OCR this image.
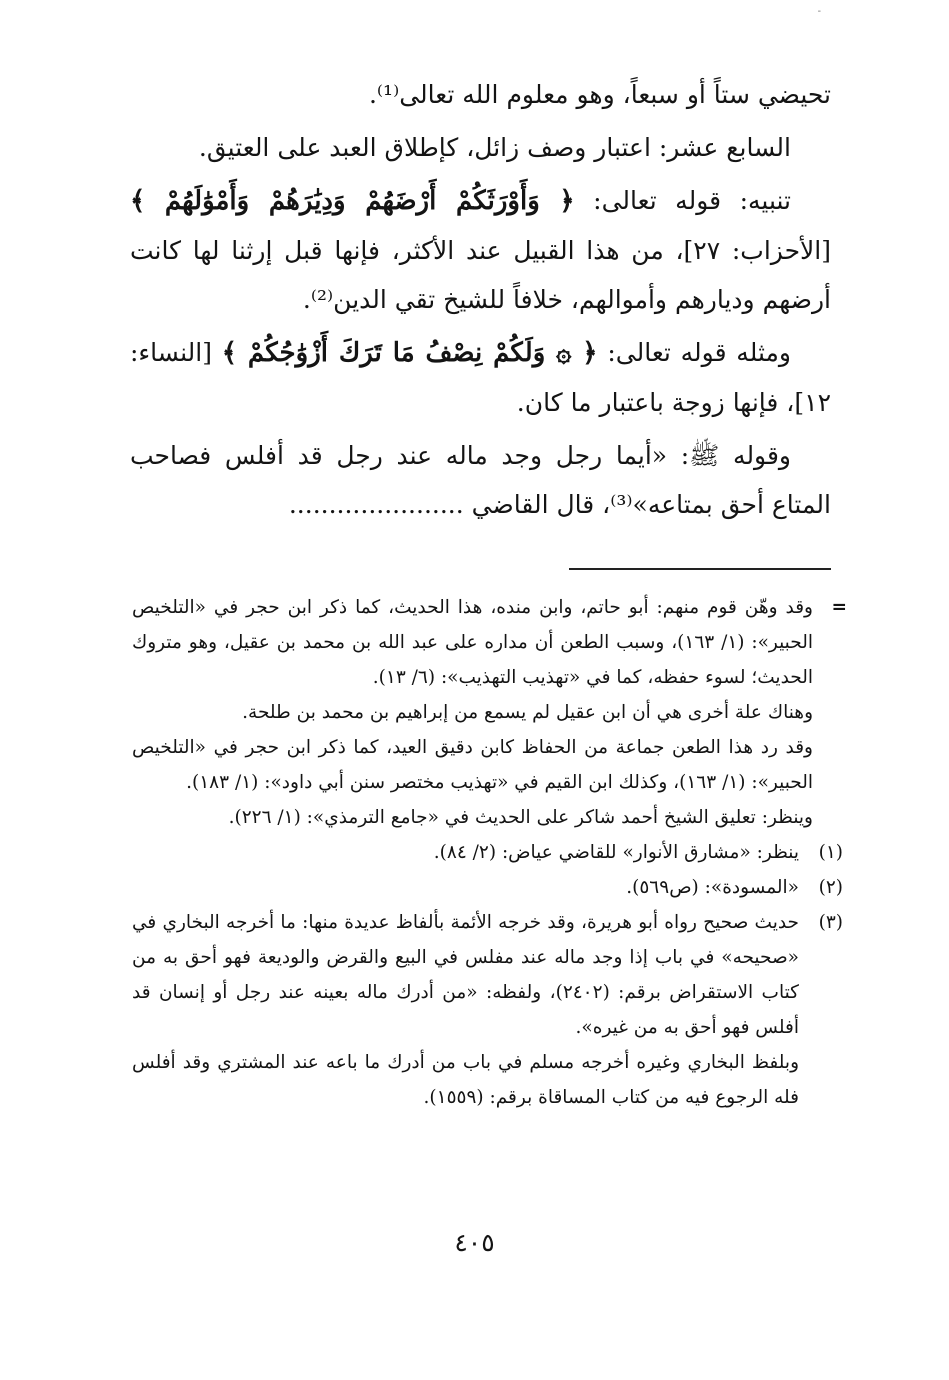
-

تحيضي ستاً أو سبعاً، وهو معلوم الله تعالى⁽¹⁾.

السابع عشر: اعتبار وصف زائل، كإطلاق العبد على العتيق.

تنبيه: قوله تعالى: ﴿ وَأَوْرَثَكُمْ أَرْضَهُمْ وَدِيَٰرَهُمْ وَأَمْوَٰلَهُمْ ﴾ [الأحزاب: ٢٧]، من هذا القبيل عند الأكثر، فإنها قبل إرثنا لها كانت أرضهم وديارهم وأموالهم، خلافاً للشيخ تقي الدين⁽²⁾.

ومثله قوله تعالى: ﴿ ۞ وَلَكُمْ نِصْفُ مَا تَرَكَ أَزْوَٰجُكُمْ ﴾ [النساء: ١٢]، فإنها زوجة باعتبار ما كان.

وقوله ﷺ: «أيما رجل وجد ماله عند رجل قد أفلس فصاحب المتاع أحق بمتاعه»⁽³⁾، قال القاضي ......................

=

وقد وهّن قوم منهم: أبو حاتم، وابن منده، هذا الحديث، كما ذكر ابن حجر في «التلخيص الحبير»: (١/ ١٦٣)، وسبب الطعن أن مداره على عبد الله بن محمد بن عقيل، وهو متروك الحديث؛ لسوء حفظه، كما في «تهذيب التهذيب»: (٦/ ١٣).

وهناك علة أخرى هي أن ابن عقيل لم يسمع من إبراهيم بن محمد بن طلحة.

وقد رد هذا الطعن جماعة من الحفاظ كابن دقيق العيد، كما ذكر ابن حجر في «التلخيص الحبير»: (١/ ١٦٣)، وكذلك ابن القيم في «تهذيب مختصر سنن أبي داود»: (١/ ١٨٣).

وينظر: تعليق الشيخ أحمد شاكر على الحديث في «جامع الترمذي»: (١/ ٢٢٦).

(١)

ينظر: «مشارق الأنوار» للقاضي عياض: (٢/ ٨٤).

(٢)

«المسودة»: (ص٥٦٩).

(٣)

حديث صحيح رواه أبو هريرة، وقد خرجه الأئمة بألفاظ عديدة منها: ما أخرجه البخاري في «صحيحه» في باب إذا وجد ماله عند مفلس في البيع والقرض والوديعة فهو أحق به من كتاب الاستقراض برقم: (٢٤٠٢)، ولفظه: «من أدرك ماله بعينه عند رجل أو إنسان قد أفلس فهو أحق به من غيره».

وبلفظ البخاري وغيره أخرجه مسلم في باب من أدرك ما باعه عند المشتري وقد أفلس فله الرجوع فيه من كتاب المساقاة برقم: (١٥٥٩).

٤٠٥
